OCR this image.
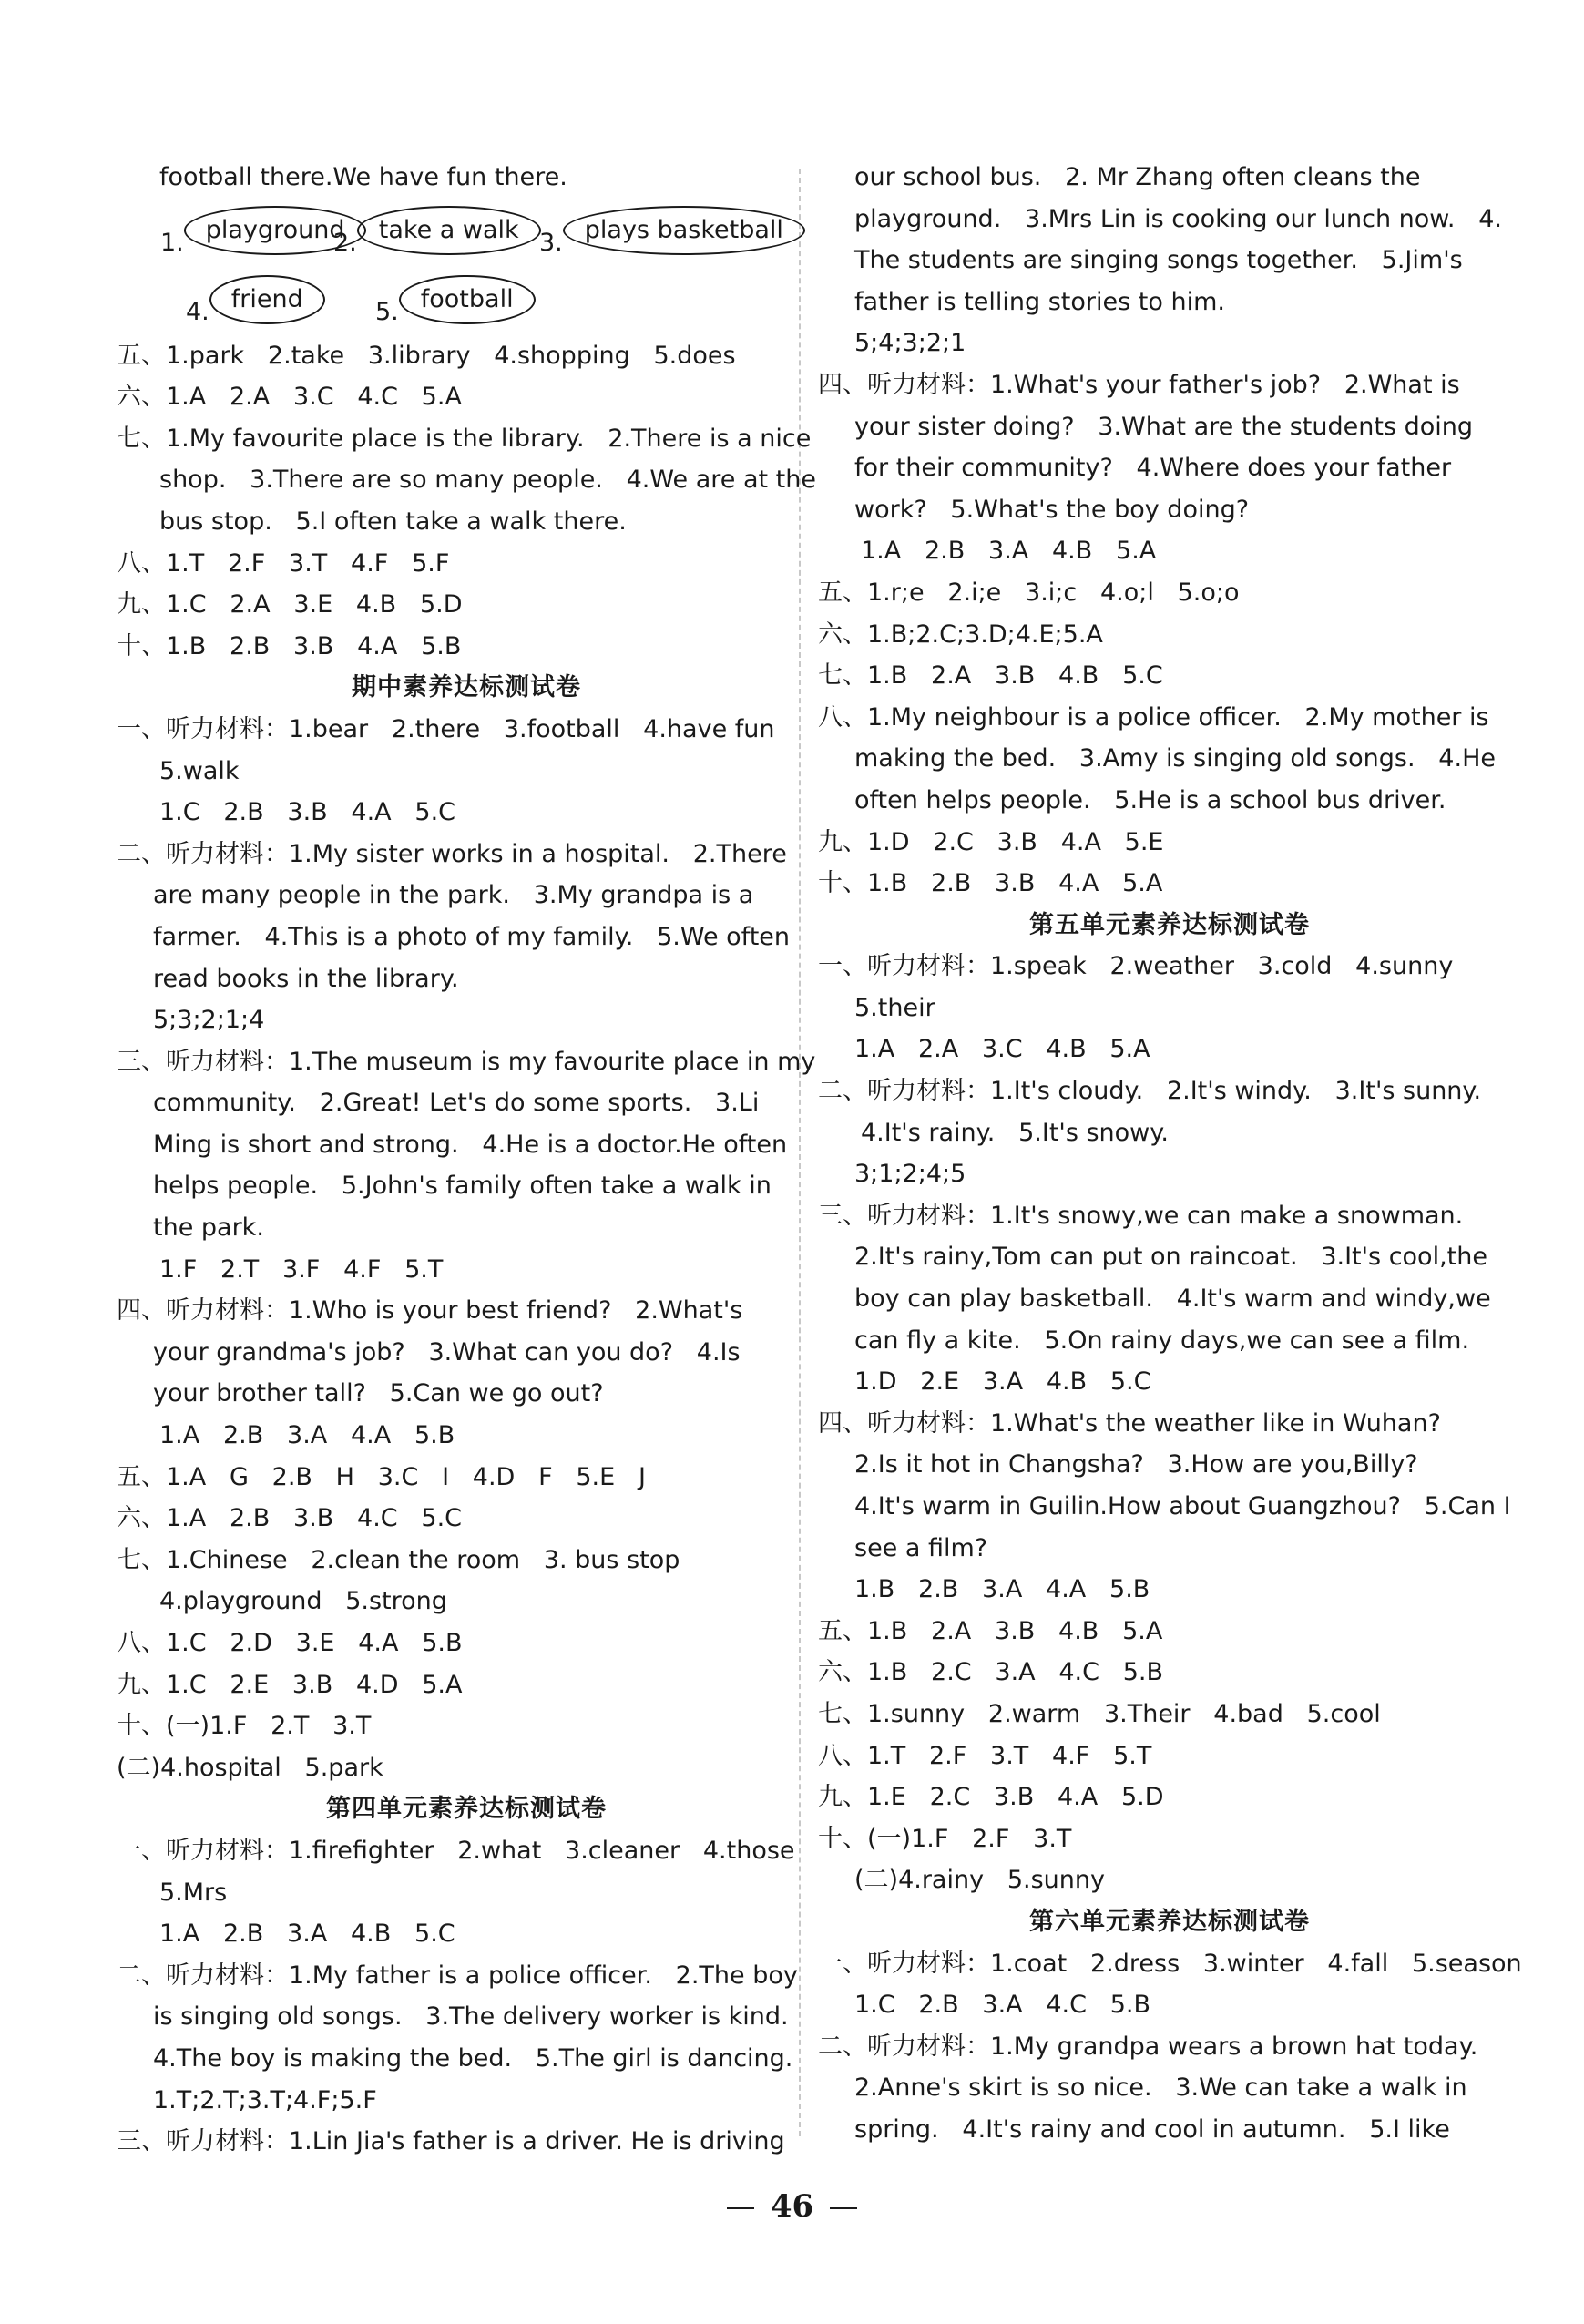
football there.We have fun there.
1. playground
2. take a walk 3. plays basketball
4. friend	5. football
五、1.park   2.take   3.library   4.shopping   5.does
六、1.A   2.A   3.C   4.C   5.A
七、1.My favourite place is the library.   2.There is a nice
shop.   3.There are so many people.   4.We are at the
bus stop.   5.I often take a walk there.
八、1.T   2.F   3.T   4.F   5.F
九、1.C   2.A   3.E   4.B   5.D
十、1.B   2.B   3.B   4.A   5.B
期中素养达标测试卷
一、听力材料：1.bear   2.there   3.football   4.have fun
5.walk
1.C   2.B   3.B   4.A   5.C
二、听力材料：1.My sister works in a hospital.   2.There
are many people in the park.   3.My grandpa is a
farmer.   4.This is a photo of my family.   5.We often
read books in the library.
5;3;2;1;4
三、听力材料：1.The museum is my favourite place in my
community.   2.Great! Let's do some sports.   3.Li
Ming is short and strong.   4.He is a doctor.He often
helps people.   5.John's family often take a walk in
the park.
1.F   2.T   3.F   4.F   5.T
四、听力材料：1.Who is your best friend?   2.What's
your grandma's job?   3.What can you do?   4.Is
your brother tall?   5.Can we go out?
1.A   2.B   3.A   4.A   5.B
五、1.A   G   2.B   H   3.C   I   4.D   F   5.E   J
六、1.A   2.B   3.B   4.C   5.C
七、1.Chinese   2.clean the room   3. bus stop
4.playground   5.strong
八、1.C   2.D   3.E   4.A   5.B
九、1.C   2.E   3.B   4.D   5.A
十、(一)1.F   2.T   3.T
(二)4.hospital   5.park
第四单元素养达标测试卷
一、听力材料：1.firefighter   2.what   3.cleaner   4.those
5.Mrs
1.A   2.B   3.A   4.B   5.C
二、听力材料：1.My father is a police officer.   2.The boy
is singing old songs.   3.The delivery worker is kind.
4.The boy is making the bed.   5.The girl is dancing.
1.T;2.T;3.T;4.F;5.F
三、听力材料：1.Lin Jia's father is a driver. He is driving
our school bus.   2. Mr Zhang often cleans the
playground.   3.Mrs Lin is cooking our lunch now.   4.
The students are singing songs together.   5.Jim's
father is telling stories to him.
5;4;3;2;1
四、听力材料：1.What's your father's job?   2.What is
your sister doing?   3.What are the students doing
for their community?   4.Where does your father
work?   5.What's the boy doing?
1.A   2.B   3.A   4.B   5.A
五、1.r;e   2.i;e   3.i;c   4.o;l   5.o;o
六、1.B;2.C;3.D;4.E;5.A
七、1.B   2.A   3.B   4.B   5.C
八、1.My neighbour is a police officer.   2.My mother is
making the bed.   3.Amy is singing old songs.   4.He
often helps people.   5.He is a school bus driver.
九、1.D   2.C   3.B   4.A   5.E
十、1.B   2.B   3.B   4.A   5.A
第五单元素养达标测试卷
一、听力材料：1.speak   2.weather   3.cold   4.sunny
5.their
1.A   2.A   3.C   4.B   5.A
二、听力材料：1.It's cloudy.   2.It's windy.   3.It's sunny.
4.It's rainy.   5.It's snowy.
3;1;2;4;5
三、听力材料：1.It's snowy,we can make a snowman.
2.It's rainy,Tom can put on raincoat.   3.It's cool,the
boy can play basketball.   4.It's warm and windy,we
can fly a kite.   5.On rainy days,we can see a film.
1.D   2.E   3.A   4.B   5.C
四、听力材料：1.What's the weather like in Wuhan?
2.Is it hot in Changsha?   3.How are you,Billy?
4.It's warm in Guilin.How about Guangzhou?   5.Can I
see a film?
1.B   2.B   3.A   4.A   5.B
五、1.B   2.A   3.B   4.B   5.A
六、1.B   2.C   3.A   4.C   5.B
七、1.sunny   2.warm   3.Their   4.bad   5.cool
八、1.T   2.F   3.T   4.F   5.T
九、1.E   2.C   3.B   4.A   5.D
十、(一)1.F   2.F   3.T
(二)4.rainy   5.sunny
第六单元素养达标测试卷
一、听力材料：1.coat   2.dress   3.winter   4.fall   5.season
1.C   2.B   3.A   4.C   5.B
二、听力材料：1.My grandpa wears a brown hat today.
2.Anne's skirt is so nice.   3.We can take a walk in
spring.   4.It's rainy and cool in autumn.   5.I like
46
